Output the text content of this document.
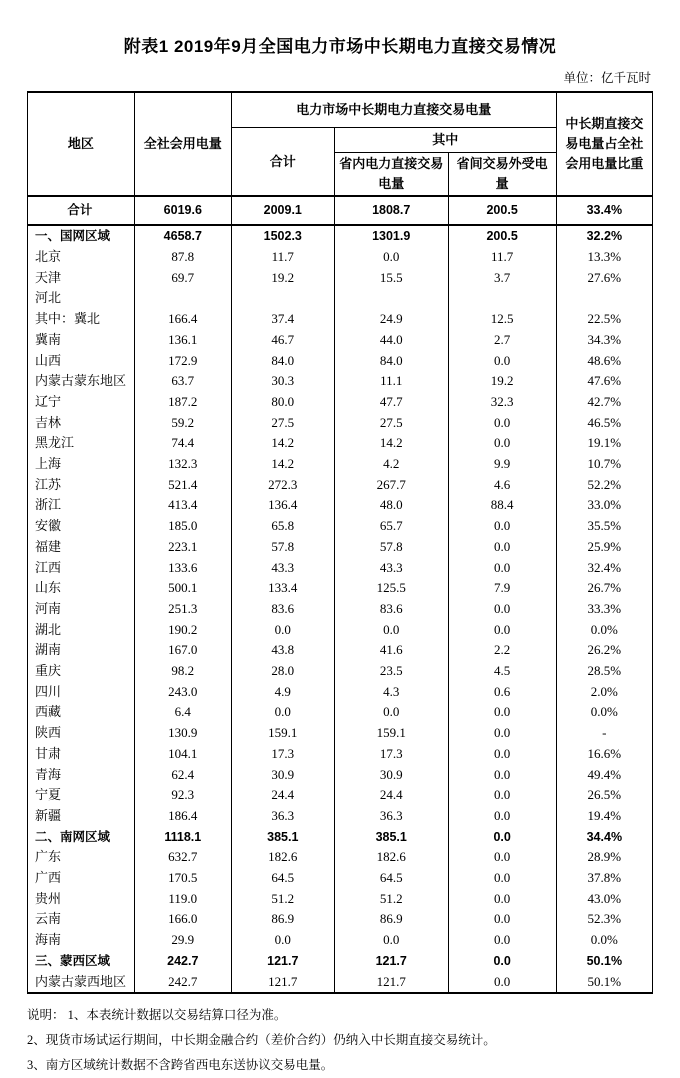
附表1 2019年9月全国电力市场中长期电力直接交易情况
单位：亿千瓦时
地区	全社会用电量	电力市场中长期电力直接交易电量			中长期直接交易电量占全社会用电量比重
		合计	其中		
			省内电力直接交易电量	省间交易外受电量	
合计	6019.6	2009.1	1808.7	200.5	33.4%
一、国网区域	4658.7	1502.3	1301.9	200.5	32.2%
北京	87.8	11.7	0.0	11.7	13.3%
天津	69.7	19.2	15.5	3.7	27.6%
河北					
其中：冀北	166.4	37.4	24.9	12.5	22.5%
冀南	136.1	46.7	44.0	2.7	34.3%
山西	172.9	84.0	84.0	0.0	48.6%
内蒙古蒙东地区	63.7	30.3	11.1	19.2	47.6%
辽宁	187.2	80.0	47.7	32.3	42.7%
吉林	59.2	27.5	27.5	0.0	46.5%
黑龙江	74.4	14.2	14.2	0.0	19.1%
上海	132.3	14.2	4.2	9.9	10.7%
江苏	521.4	272.3	267.7	4.6	52.2%
浙江	413.4	136.4	48.0	88.4	33.0%
安徽	185.0	65.8	65.7	0.0	35.5%
福建	223.1	57.8	57.8	0.0	25.9%
江西	133.6	43.3	43.3	0.0	32.4%
山东	500.1	133.4	125.5	7.9	26.7%
河南	251.3	83.6	83.6	0.0	33.3%
湖北	190.2	0.0	0.0	0.0	0.0%
湖南	167.0	43.8	41.6	2.2	26.2%
重庆	98.2	28.0	23.5	4.5	28.5%
四川	243.0	4.9	4.3	0.6	2.0%
西藏	6.4	0.0	0.0	0.0	0.0%
陕西	130.9	159.1	159.1	0.0	-
甘肃	104.1	17.3	17.3	0.0	16.6%
青海	62.4	30.9	30.9	0.0	49.4%
宁夏	92.3	24.4	24.4	0.0	26.5%
新疆	186.4	36.3	36.3	0.0	19.4%
二、南网区域	1118.1	385.1	385.1	0.0	34.4%
广东	632.7	182.6	182.6	0.0	28.9%
广西	170.5	64.5	64.5	0.0	37.8%
贵州	119.0	51.2	51.2	0.0	43.0%
云南	166.0	86.9	86.9	0.0	52.3%
海南	29.9	0.0	0.0	0.0	0.0%
三、蒙西区域	242.7	121.7	121.7	0.0	50.1%
内蒙古蒙西地区	242.7	121.7	121.7	0.0	50.1%
说明： 1、本表统计数据以交易结算口径为准。
2、现货市场试运行期间，中长期金融合约（差价合约）仍纳入中长期直接交易统计。
3、南方区域统计数据不含跨省西电东送协议交易电量。
